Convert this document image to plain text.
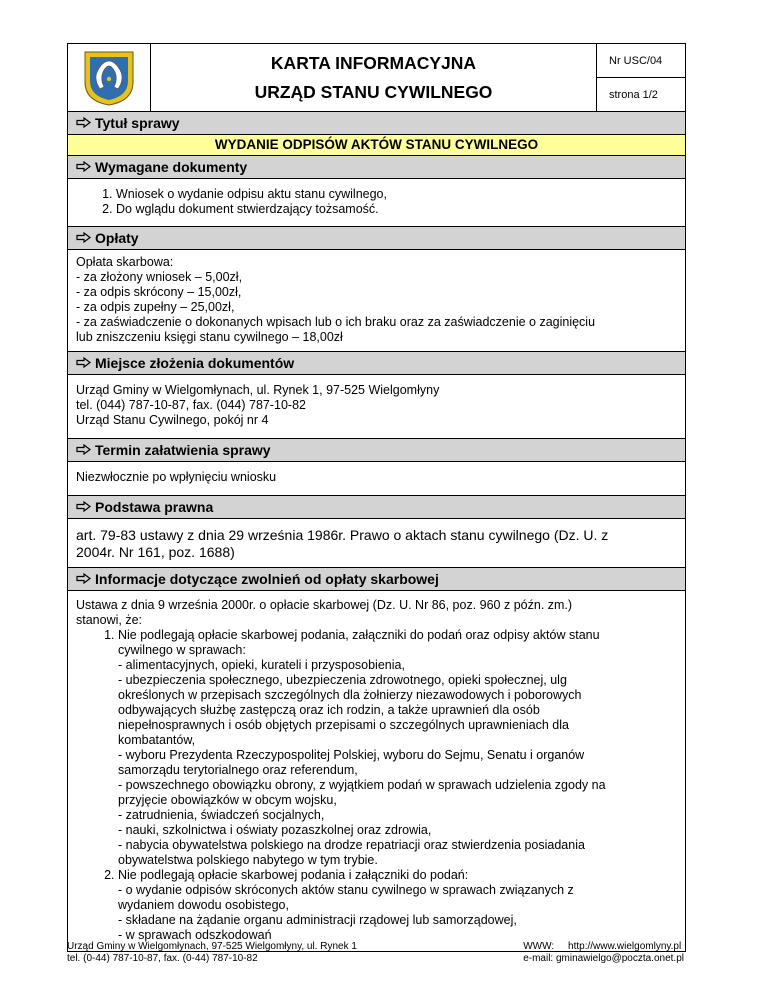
KARTA INFORMACYJNA
URZĄD STANU CYWILNEGO
Nr USC/04
strona 1/2
Tytuł sprawy
WYDANIE ODPISÓW AKTÓW STANU CYWILNEGO
Wymagane dokumenty
1. Wniosek o wydanie odpisu aktu stanu cywilnego,
2. Do wglądu dokument stwierdzający tożsamość.
Opłaty
Opłata skarbowa:
- za złożony wniosek – 5,00zł,
- za odpis skrócony – 15,00zł,
- za odpis zupełny – 25,00zł,
- za zaświadczenie o dokonanych wpisach lub o ich braku oraz za zaświadczenie o zaginięciu
lub zniszczeniu księgi stanu cywilnego – 18,00zł
Miejsce złożenia dokumentów
Urząd Gminy w Wielgomłynach, ul. Rynek 1, 97-525 Wielgomłyny
tel. (044) 787-10-87, fax. (044) 787-10-82
Urząd Stanu Cywilnego, pokój nr 4
Termin załatwienia sprawy
Niezwłocznie po wpłynięciu wniosku
Podstawa prawna
art. 79-83 ustawy z dnia 29 września 1986r. Prawo o aktach stanu cywilnego (Dz. U. z
2004r. Nr 161, poz. 1688)
Informacje dotyczące zwolnień od opłaty skarbowej
Ustawa z dnia 9 września 2000r. o opłacie skarbowej (Dz. U. Nr 86, poz. 960 z późn. zm.)
stanowi, że:
1. Nie podlegają opłacie skarbowej podania, załączniki do podań oraz odpisy aktów stanu
cywilnego w sprawach:
- alimentacyjnych, opieki, kurateli i przysposobienia,
- ubezpieczenia społecznego, ubezpieczenia zdrowotnego, opieki społecznej, ulg
określonych w przepisach szczególnych dla żołnierzy niezawodowych i poborowych
odbywających służbę zastępczą oraz ich rodzin, a także uprawnień dla osób
niepełnosprawnych i osób objętych przepisami o szczególnych uprawnieniach dla
kombatantów,
- wyboru Prezydenta Rzeczypospolitej Polskiej, wyboru do Sejmu, Senatu i organów
samorządu terytorialnego oraz referendum,
- powszechnego obowiązku obrony, z wyjątkiem podań w sprawach udzielenia zgody na
przyjęcie obowiązków w obcym wojsku,
- zatrudnienia, świadczeń socjalnych,
- nauki, szkolnictwa i oświaty pozaszkolnej oraz zdrowia,
- nabycia obywatelstwa polskiego na drodze repatriacji oraz stwierdzenia posiadania
obywatelstwa polskiego nabytego w tym trybie.
2. Nie podlegają opłacie skarbowej podania i załączniki do podań:
- o wydanie odpisów skróconych aktów stanu cywilnego w sprawach związanych z
wydaniem dowodu osobistego,
- składane na żądanie organu administracji rządowej lub samorządowej,
- w sprawach odszkodowań
Urząd Gminy w Wielgomłynach, 97-525 Wielgomłyny, ul. Rynek 1
tel. (0-44) 787-10-87, fax. (0-44) 787-10-82
WWW:     http://www.wielgomlyny.pl
e-mail: gminawielgo@poczta.onet.pl
